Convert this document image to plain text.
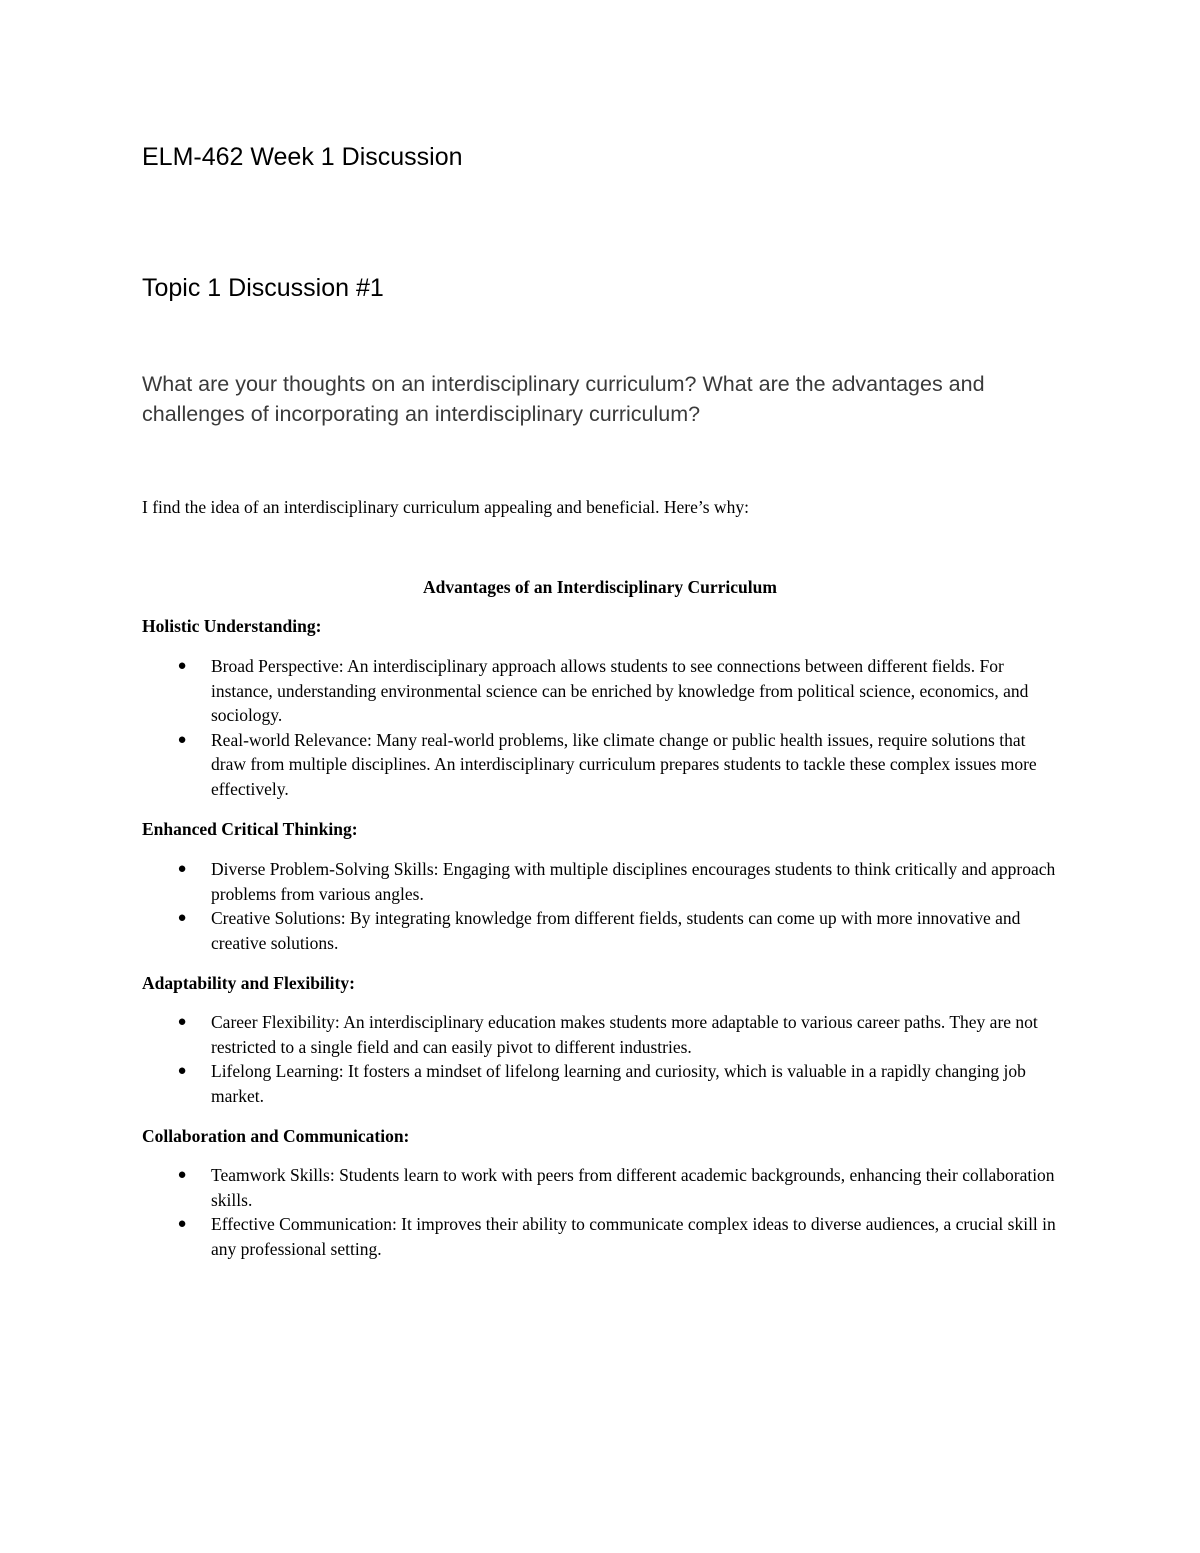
ELM-462 Week 1 Discussion
Topic 1 Discussion #1
What are your thoughts on an interdisciplinary curriculum? What are the advantages and challenges of incorporating an interdisciplinary curriculum?
I find the idea of an interdisciplinary curriculum appealing and beneficial. Here’s why:
Advantages of an Interdisciplinary Curriculum
Holistic Understanding:
● Broad Perspective: An interdisciplinary approach allows students to see connections between different fields. For instance, understanding environmental science can be enriched by knowledge from political science, economics, and sociology.
● Real-world Relevance: Many real-world problems, like climate change or public health issues, require solutions that draw from multiple disciplines. An interdisciplinary curriculum prepares students to tackle these complex issues more effectively.
Enhanced Critical Thinking:
● Diverse Problem-Solving Skills: Engaging with multiple disciplines encourages students to think critically and approach problems from various angles.
● Creative Solutions: By integrating knowledge from different fields, students can come up with more innovative and creative solutions.
Adaptability and Flexibility:
● Career Flexibility: An interdisciplinary education makes students more adaptable to various career paths. They are not restricted to a single field and can easily pivot to different industries.
● Lifelong Learning: It fosters a mindset of lifelong learning and curiosity, which is valuable in a rapidly changing job market.
Collaboration and Communication:
● Teamwork Skills: Students learn to work with peers from different academic backgrounds, enhancing their collaboration skills.
● Effective Communication: It improves their ability to communicate complex ideas to diverse audiences, a crucial skill in any professional setting.
